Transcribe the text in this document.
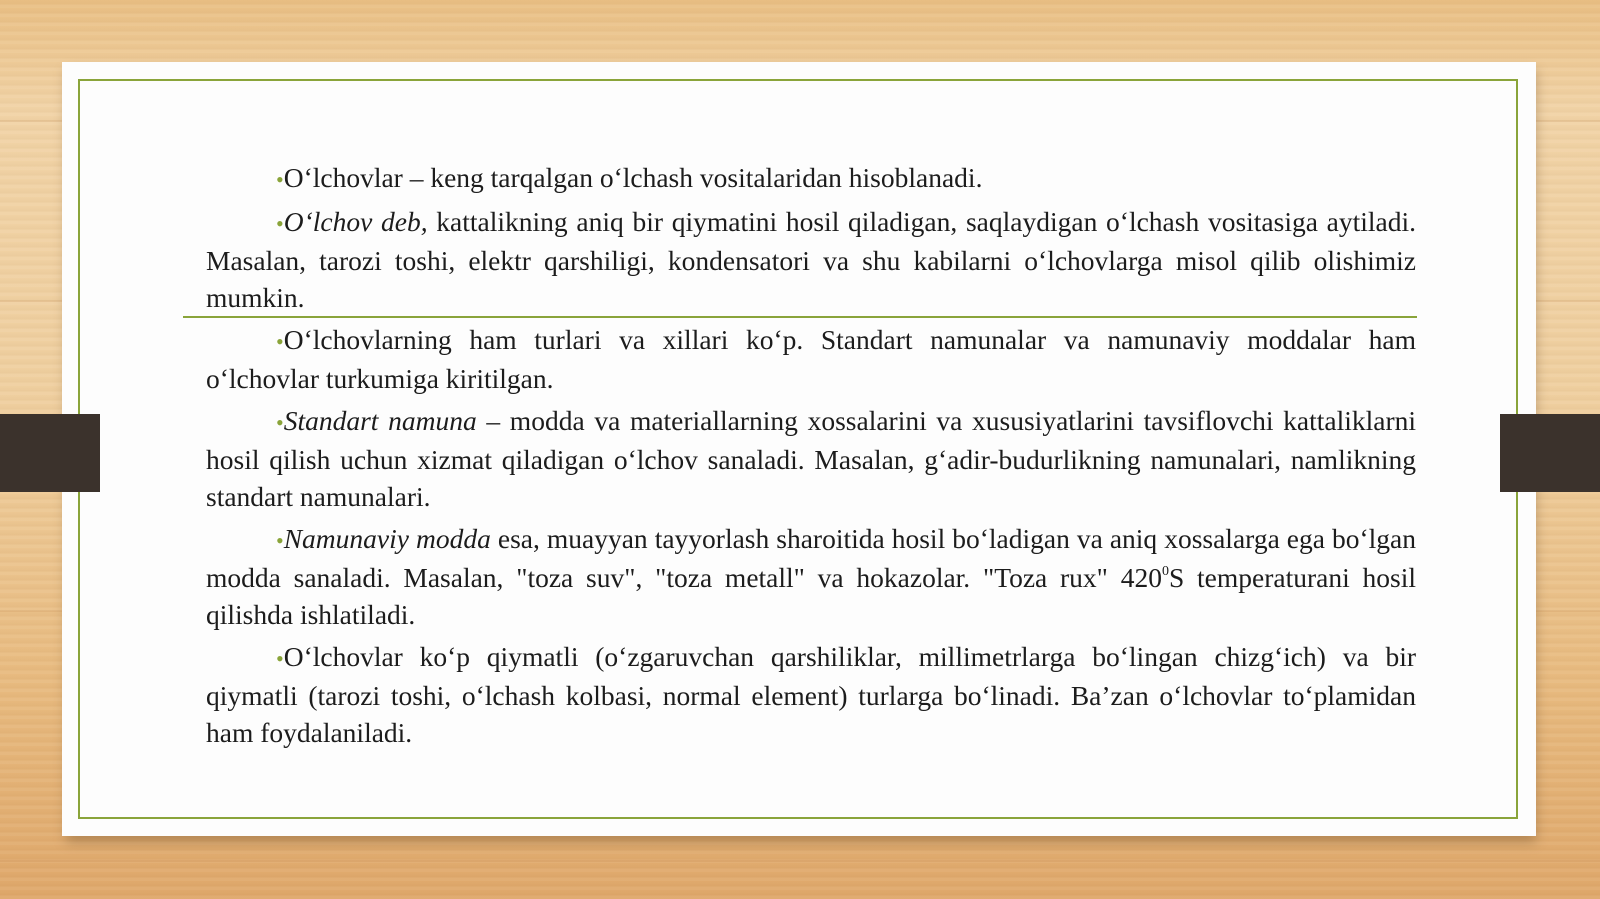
•O‘lchovlar – keng tarqalgan o‘lchash vositalaridan hisoblanadi.

•O‘lchov deb, kattalikning aniq bir qiymatini hosil qiladigan, saqlaydigan o‘lchash vositasiga aytiladi. Masalan, tarozi toshi, elektr qarshiligi, kondensatori va shu kabilarni o‘lchovlarga misol qilib olishimiz mumkin.

•O‘lchovlarning ham turlari va xillari ko‘p. Standart namunalar va namunaviy moddalar ham o‘lchovlar turkumiga kiritilgan.

•Standart namuna – modda va materiallarning xossalarini va xususiyatlarini tavsiflovchi kattaliklarni hosil qilish uchun xizmat qiladigan o‘lchov sanaladi. Masalan, g‘adir-budurlikning namunalari, namlikning standart namunalari.

•Namunaviy modda esa, muayyan tayyorlash sharoitida hosil bo‘ladigan va aniq xossalarga ega bo‘lgan modda sanaladi. Masalan, "toza suv", "toza metall" va hokazolar. "Toza rux" $420^0S$ temperaturani hosil qilishda ishlatiladi.

•O‘lchovlar ko‘p qiymatli (o‘zgaruvchan qarshiliklar, millimetrlarga bo‘lingan chizg‘ich) va bir qiymatli (tarozi toshi, o‘lchash kolbasi, normal element) turlarga bo‘linadi. Ba’zan o‘lchovlar to‘plamidan ham foydalaniladi.
